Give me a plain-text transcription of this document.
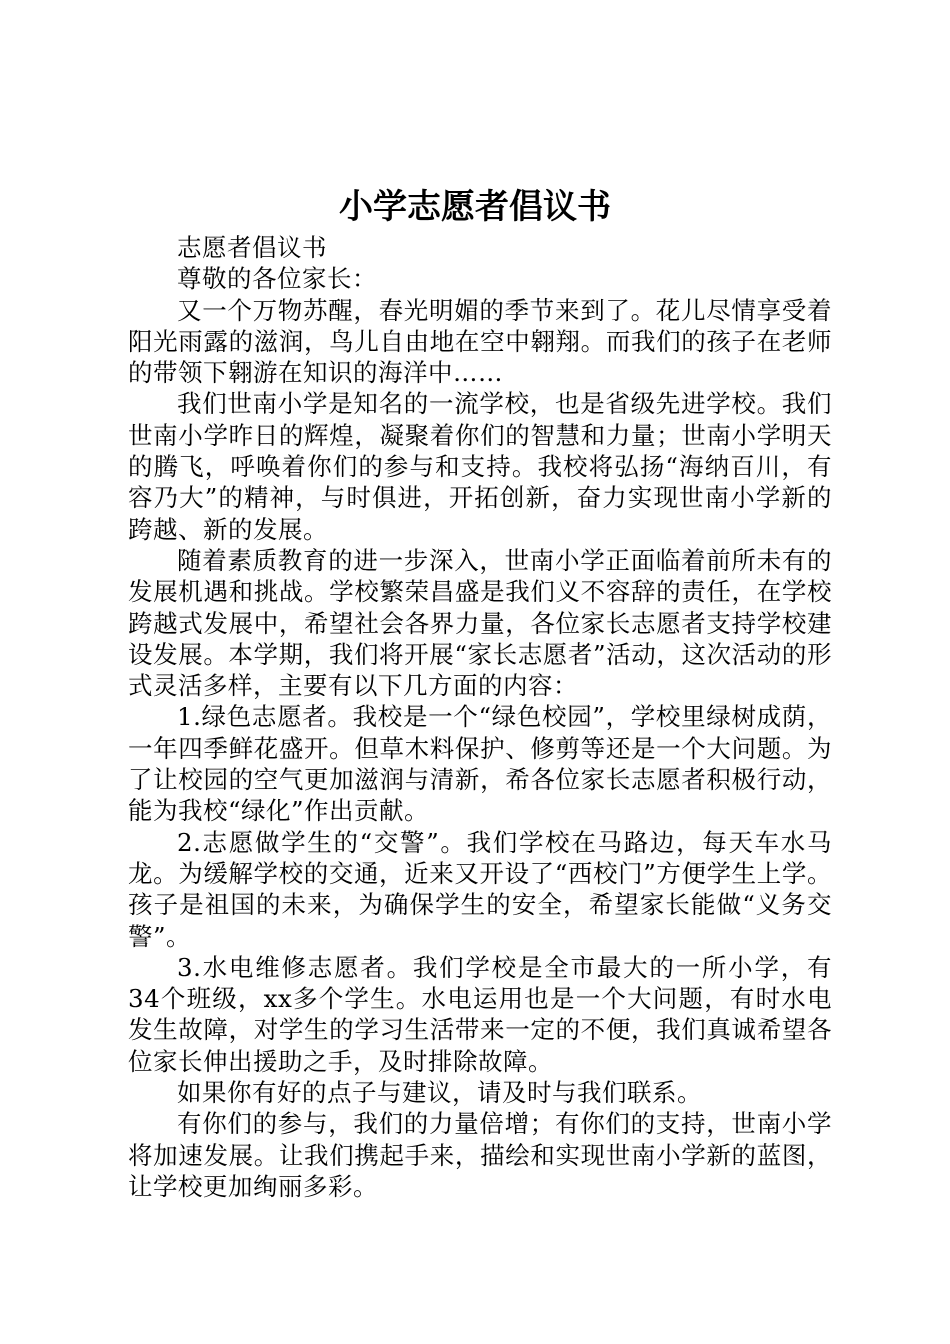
小学志愿者倡议书

志愿者倡议书

尊敬的各位家长：

又一个万物苏醒，春光明媚的季节来到了。花儿尽情享受着阳光雨露的滋润，鸟儿自由地在空中翱翔。而我们的孩子在老师的带领下翱游在知识的海洋中……

我们世南小学是知名的一流学校，也是省级先进学校。我们世南小学昨日的辉煌，凝聚着你们的智慧和力量；世南小学明天的腾飞，呼唤着你们的参与和支持。我校将弘扬“海纳百川，有容乃大”的精神，与时俱进，开拓创新，奋力实现世南小学新的跨越、新的发展。

随着素质教育的进一步深入，世南小学正面临着前所未有的发展机遇和挑战。学校繁荣昌盛是我们义不容辞的责任，在学校跨越式发展中，希望社会各界力量，各位家长志愿者支持学校建设发展。本学期，我们将开展“家长志愿者”活动，这次活动的形式灵活多样，主要有以下几方面的内容：

1.绿色志愿者。我校是一个“绿色校园”，学校里绿树成荫，一年四季鲜花盛开。但草木料保护、修剪等还是一个大问题。为了让校园的空气更加滋润与清新，希各位家长志愿者积极行动，能为我校“绿化”作出贡献。

2.志愿做学生的“交警”。我们学校在马路边，每天车水马龙。为缓解学校的交通，近来又开设了“西校门”方便学生上学。孩子是祖国的未来，为确保学生的安全，希望家长能做“义务交警”。

3.水电维修志愿者。我们学校是全市最大的一所小学，有34个班级，xx多个学生。水电运用也是一个大问题，有时水电发生故障，对学生的学习生活带来一定的不便，我们真诚希望各位家长伸出援助之手，及时排除故障。

如果你有好的点子与建议，请及时与我们联系。

有你们的参与，我们的力量倍增；有你们的支持，世南小学将加速发展。让我们携起手来，描绘和实现世南小学新的蓝图，让学校更加绚丽多彩。
